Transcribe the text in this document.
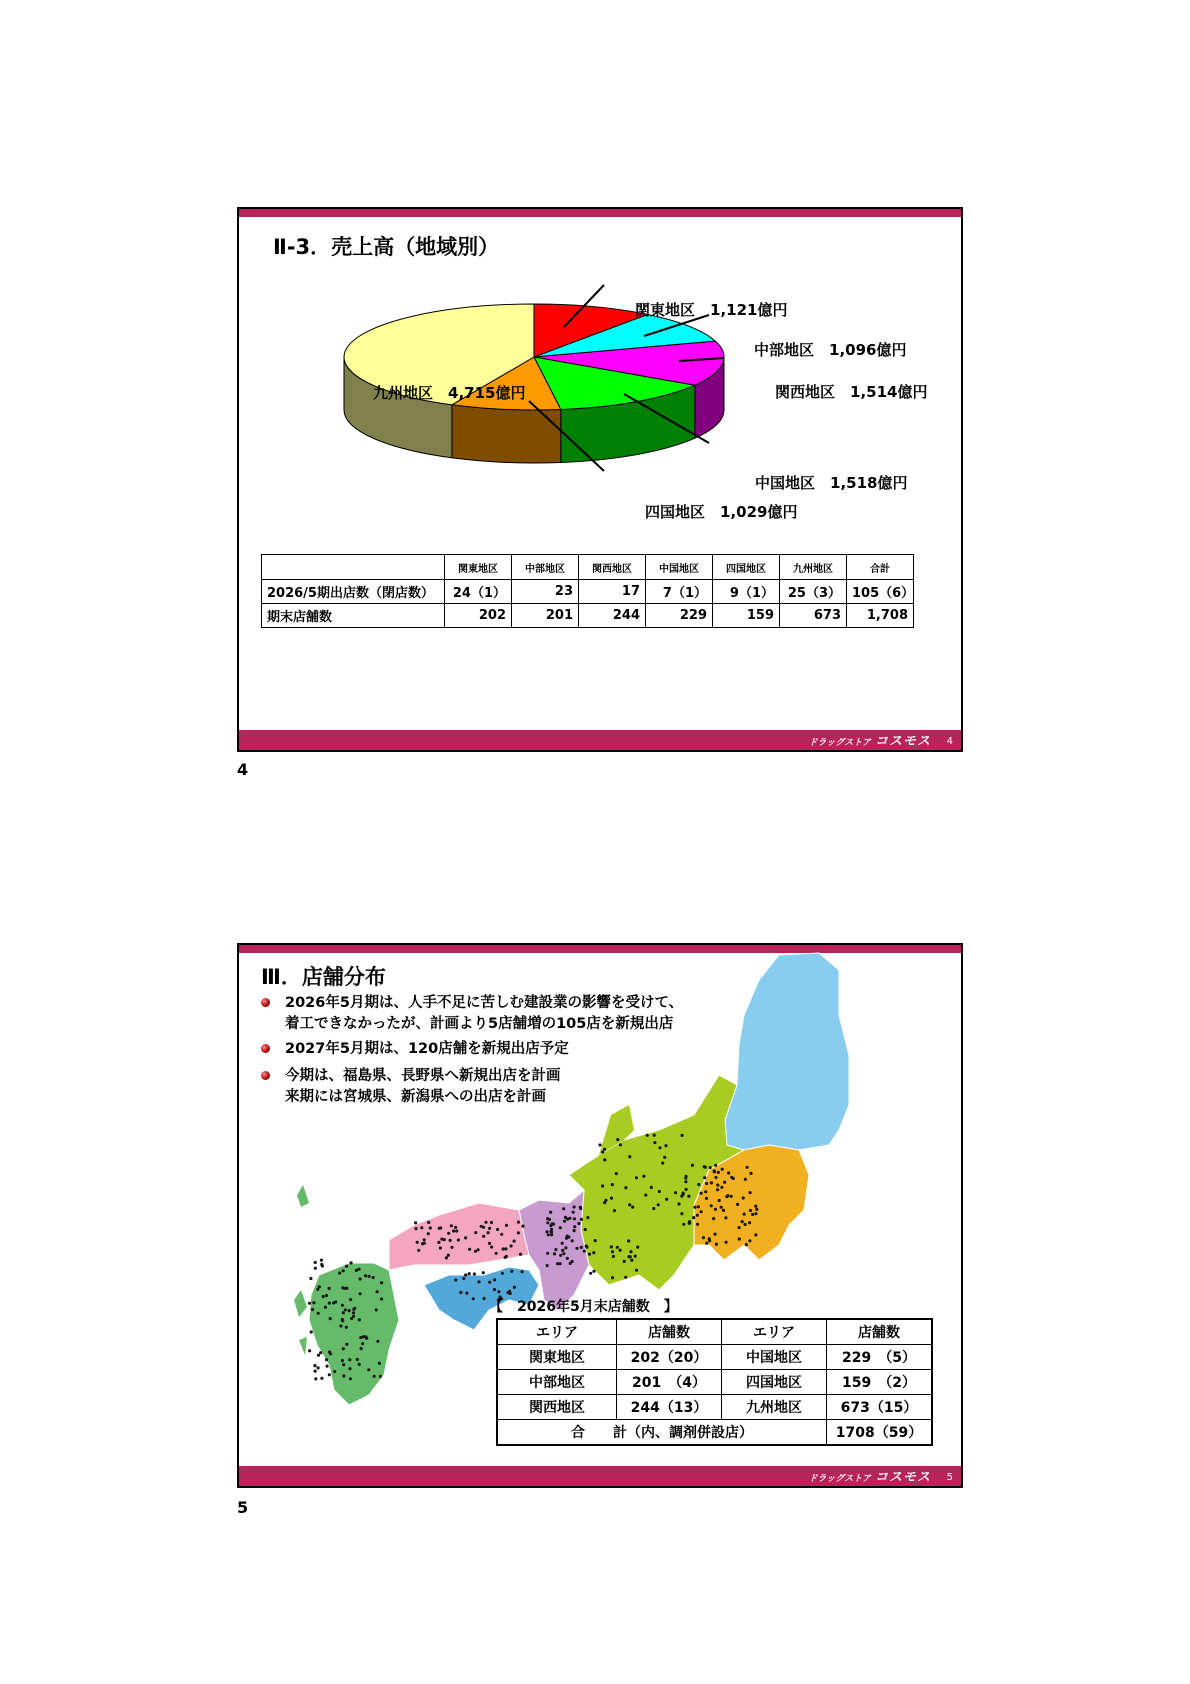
Ⅱ-3．売上高（地域別）
関東地区　1,121億円
中部地区　1,096億円
関西地区　1,514億円
中国地区　1,518億円
四国地区　1,029億円
九州地区　4,715億円
	関東地区	中部地区	関西地区	中国地区	四国地区	九州地区	合計
2026/5期出店数（閉店数）	24（1）	23	17	7（1）	9（1）	25（3）	105（6）
期末店舗数	202	201	244	229	159	673	1,708
ドラッグストア コスモス 4
4
Ⅲ．店舗分布
2026年5月期は、人手不足に苦しむ建設業の影響を受けて、
着工できなかったが、計画より5店舗増の105店を新規出店
2027年5月期は、120店舗を新規出店予定
今期は、福島県、長野県へ新規出店を計画
来期には宮城県、新潟県への出店を計画
【　2026年5月末店舗数　】
エリア	店舗数	エリア	店舗数
関東地区	202（20）	中国地区	229　（5）
中部地区	201　（4）	四国地区	159　（2）
関西地区	244（13）	九州地区	673（15）
合　　計（内、調剤併設店）			1708（59）
ドラッグストア コスモス 5
5
